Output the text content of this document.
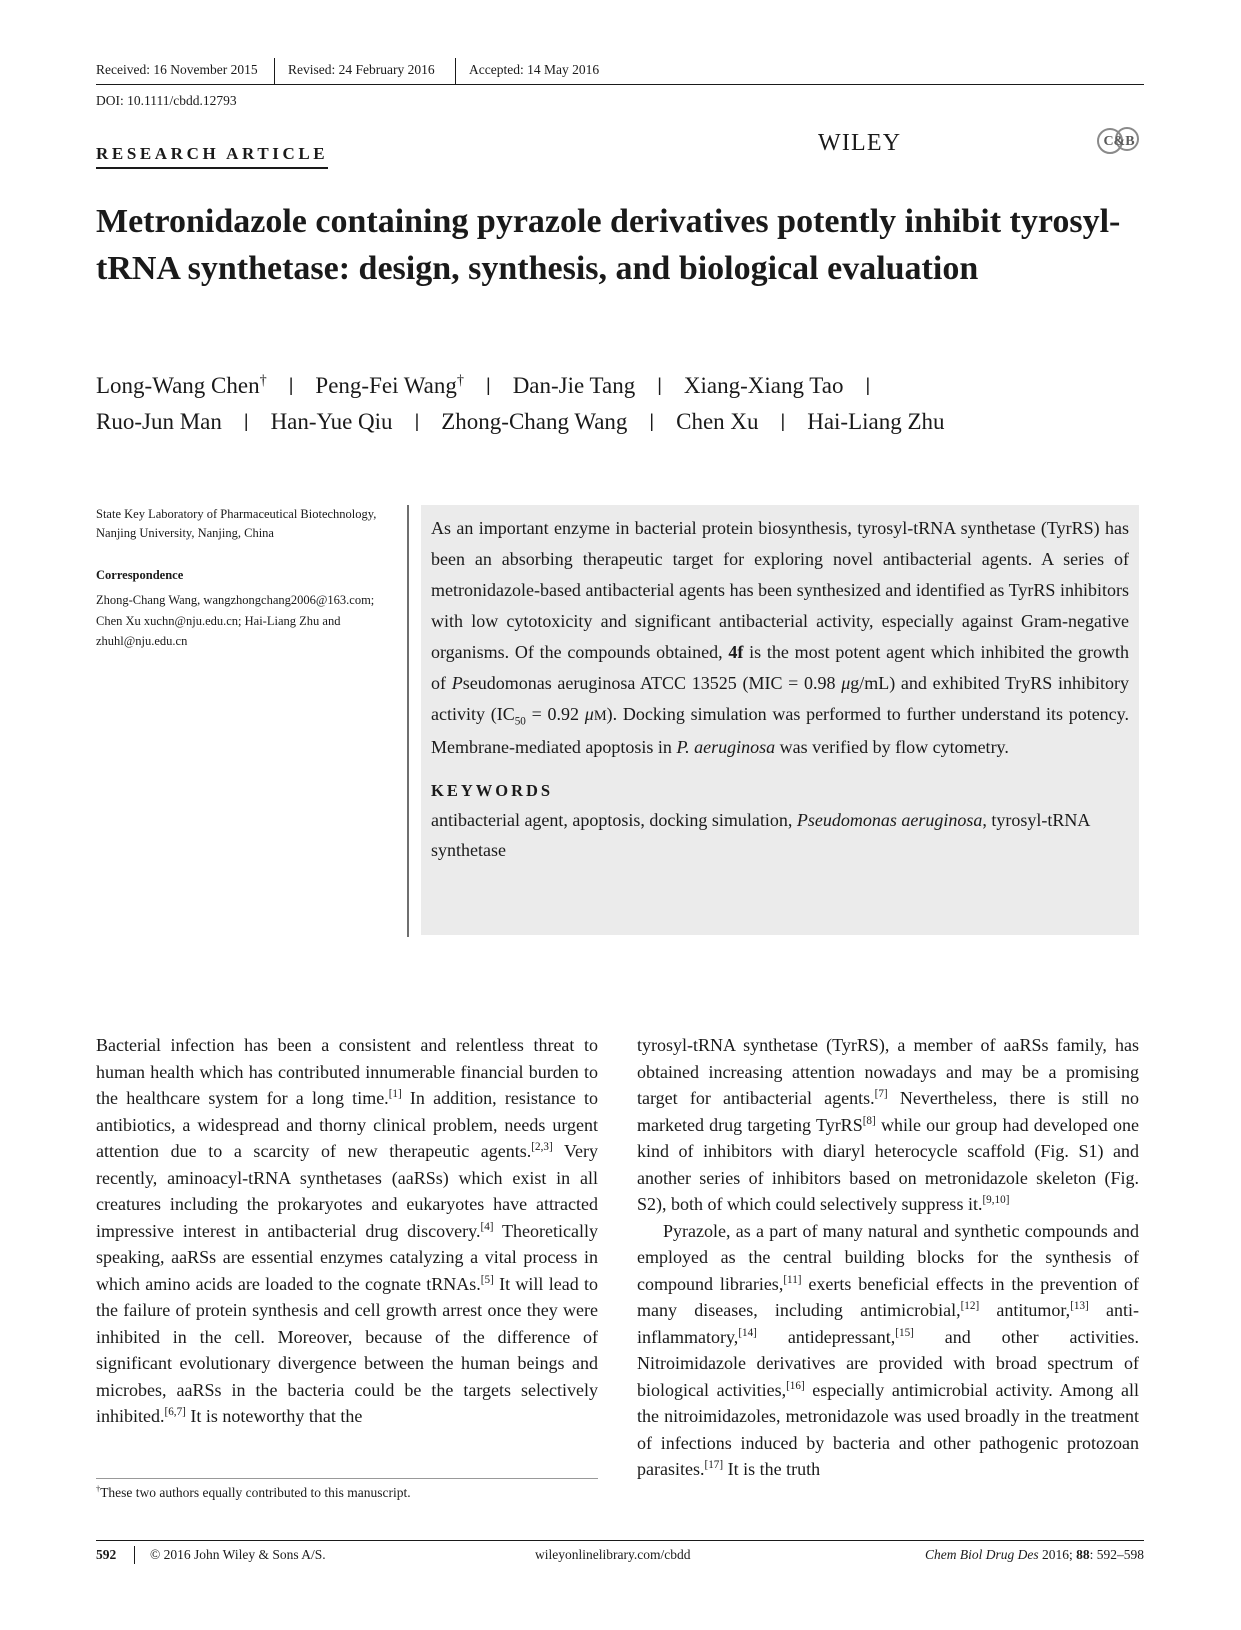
Received: 16 November 2015 Revised: 24 February 2016	Accepted: 14 May 2016
DOI: 10.1111/cbdd.12793
RESEARCH ARTICLE	WILEY	C&B
Metronidazole containing pyrazole derivatives potently inhibit tyrosyl-tRNA synthetase: design, synthesis, and biological evaluation
Long-Wang Chen† | Peng-Fei Wang† | Dan-Jie Tang | Xiang-Xiang Tao |
Ruo-Jun Man | Han-Yue Qiu | Zhong-Chang Wang | Chen Xu | Hai-Liang Zhu
State Key Laboratory of Pharmaceutical Biotechnology, Nanjing University, Nanjing, China
Correspondence
Zhong-Chang Wang, wangzhongchang2006@163.com; Chen Xu xuchn@nju.edu.cn; Hai-Liang Zhu and zhuhl@nju.edu.cn

As an important enzyme in bacterial protein biosynthesis, tyrosyl-tRNA synthetase (TyrRS) has been an absorbing therapeutic target for exploring novel antibacterial agents. A series of metronidazole-based antibacterial agents has been synthesized and identified as TyrRS inhibitors with low cytotoxicity and significant antibacterial activity, especially against Gram-negative organisms. Of the compounds obtained, 4f is the most potent agent which inhibited the growth of Pseudomonas aeruginosa ATCC 13525 (MIC = 0.98 μg/mL) and exhibited TryRS inhibitory activity ($IC_{50} = 0.92$ μM). Docking simulation was performed to further understand its potency. Membrane-mediated apoptosis in P. aeruginosa was verified by flow cytometry.

KEYWORDS

antibacterial agent, apoptosis, docking simulation, Pseudomonas aeruginosa, tyrosyl-tRNA synthetase

Bacterial infection has been a consistent and relentless threat to human health which has contributed innumerable financial burden to the healthcare system for a long time.[1] In addition, resistance to antibiotics, a widespread and thorny clinical problem, needs urgent attention due to a scarcity of new therapeutic agents.[2,3] Very recently, aminoacyl-tRNA synthetases (aaRSs) which exist in all creatures including the prokaryotes and eukaryotes have attracted impressive interest in antibacterial drug discovery.[4] Theoretically speaking, aaRSs are essential enzymes catalyzing a vital process in which amino acids are loaded to the cognate tRNAs.[5] It will lead to the failure of protein synthesis and cell growth arrest once they were inhibited in the cell. Moreover, because of the difference of significant evolutionary divergence between the human beings and microbes, aaRSs in the bacteria could be the targets selectively inhibited.[6,7] It is noteworthy that the

tyrosyl-tRNA synthetase (TyrRS), a member of aaRSs family, has obtained increasing attention nowadays and may be a promising target for antibacterial agents.[7] Nevertheless, there is still no marketed drug targeting TyrRS[8] while our group had developed one kind of inhibitors with diaryl heterocycle scaffold (Fig. S1) and another series of inhibitors based on metronidazole skeleton (Fig. S2), both of which could selectively suppress it.[9,10]
Pyrazole, as a part of many natural and synthetic compounds and employed as the central building blocks for the synthesis of compound libraries,[11] exerts beneficial effects in the prevention of many diseases, including antimicrobial,[12] antitumor,[13] anti-inflammatory,[14] antidepressant,[15] and other activities. Nitroimidazole derivatives are provided with broad spectrum of biological activities,[16] especially antimicrobial activity. Among all the nitroimidazoles, metronidazole was used broadly in the treatment of infections induced by bacteria and other pathogenic protozoan parasites.[17] It is the truth

†These two authors equally contributed to this manuscript.
592	© 2016 John Wiley & Sons A/S.	wileyonlinelibrary.com/cbdd	Chem Biol Drug Des 2016; 88: 592–598
